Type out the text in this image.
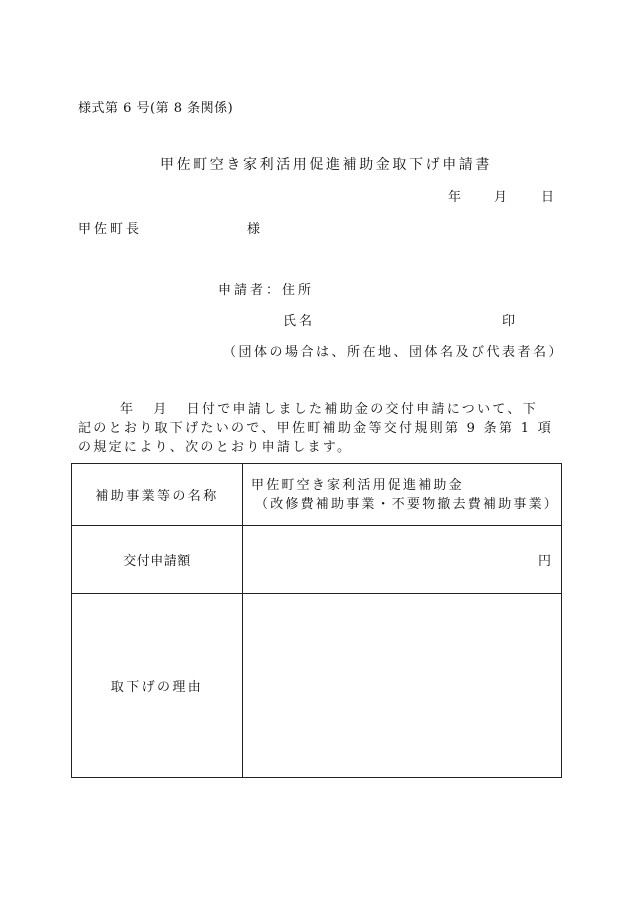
様式第 6 号(第 8 条関係)
甲佐町空き家利活用促進補助金取下げ申請書
年	月	日
甲佐町長	様
申請者：住所
氏名	印
（団体の場合は、所在地、団体名及び代表者名）
年 月 日付で申請しました補助金の交付申請について、下
記のとおり取下げたいので、甲佐町補助金等交付規則第 9 条第 1 項
の規定により、次のとおり申請します。
補助事業等の名称	甲佐町空き家利活用促進補助金
（改修費補助事業・不要物撤去費補助事業）

交付申請額	円
取下げの理由	
